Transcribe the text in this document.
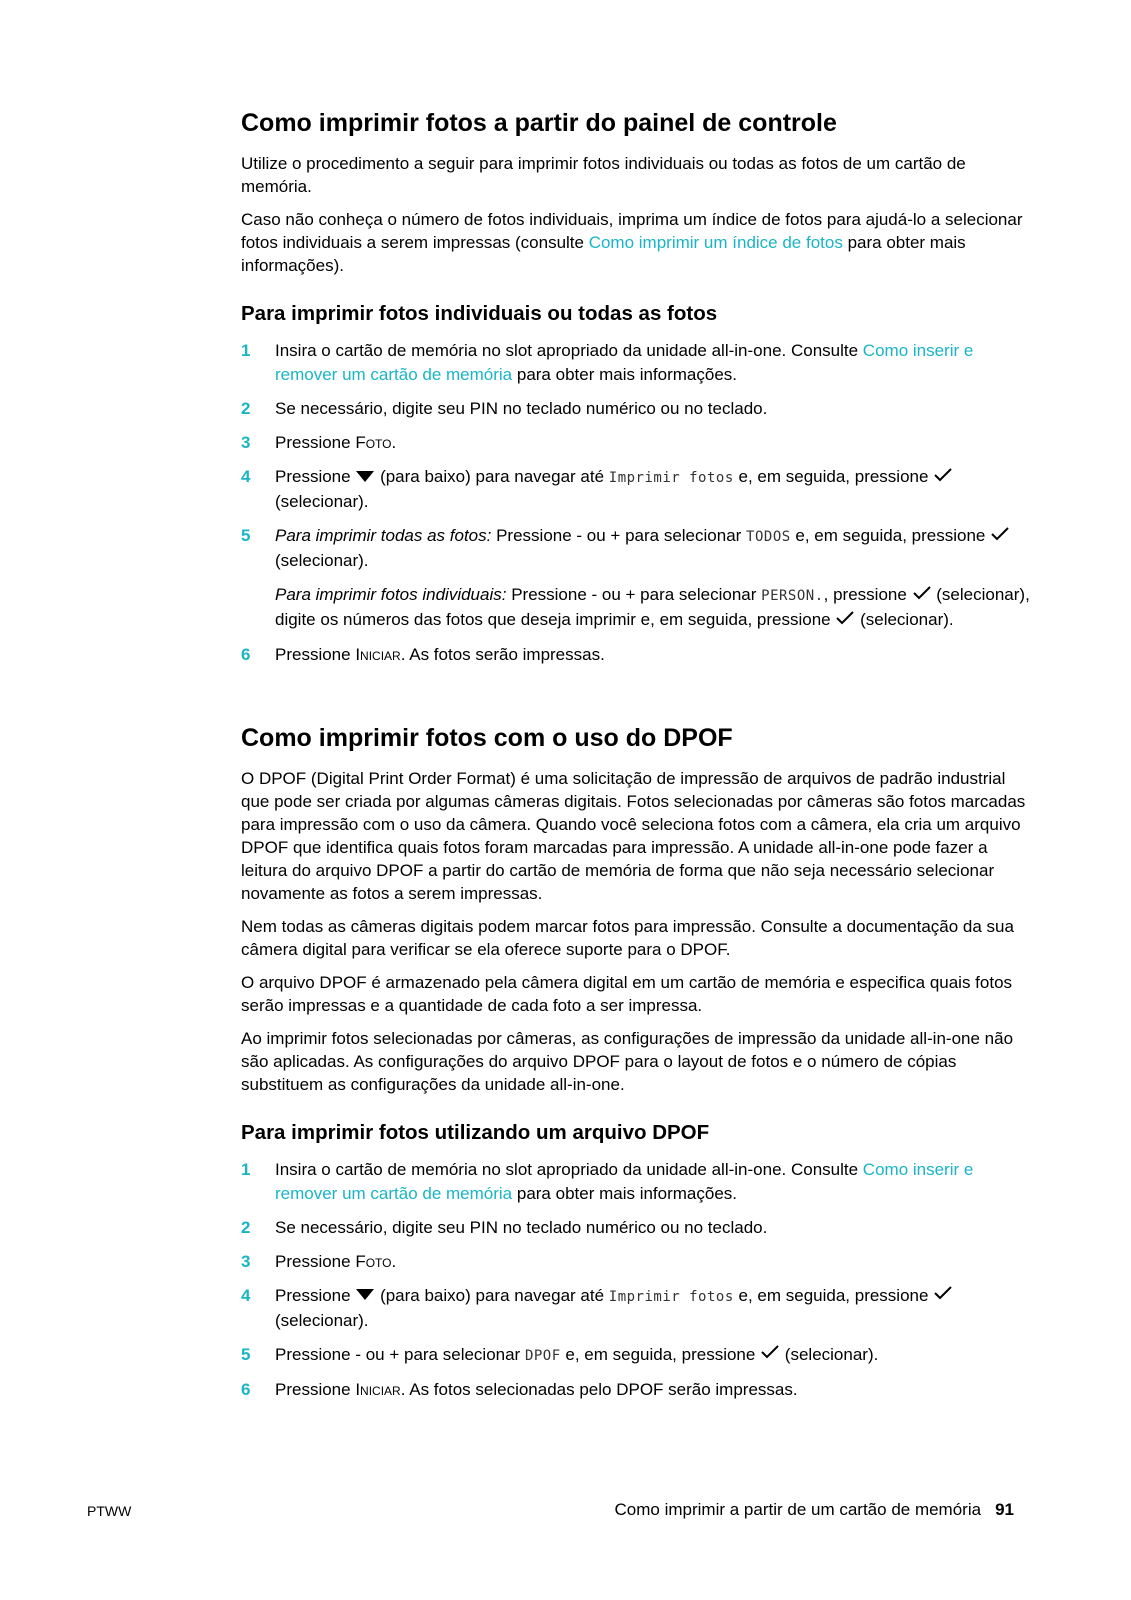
Como imprimir fotos a partir do painel de controle

Utilize o procedimento a seguir para imprimir fotos individuais ou todas as fotos de um cartão de memória.

Caso não conheça o número de fotos individuais, imprima um índice de fotos para ajudá-lo a selecionar fotos individuais a serem impressas (consulte Como imprimir um índice de fotos para obter mais informações).

Para imprimir fotos individuais ou todas as fotos
1 Insira o cartão de memória no slot apropriado da unidade all-in-one. Consulte Como inserir e remover um cartão de memória para obter mais informações.
2 Se necessário, digite seu PIN no teclado numérico ou no teclado.
3 Pressione Foto.
4 Pressione  (para baixo) para navegar até Imprimir fotos e, em seguida, pressione  (selecionar).
5 Para imprimir todas as fotos: Pressione - ou + para selecionar TODOS e, em seguida, pressione  (selecionar).
Para imprimir fotos individuais: Pressione - ou + para selecionar PERSON., pressione  (selecionar), digite os números das fotos que deseja imprimir e, em seguida, pressione  (selecionar).
6 Pressione Iniciar. As fotos serão impressas.
Como imprimir fotos com o uso do DPOF

O DPOF (Digital Print Order Format) é uma solicitação de impressão de arquivos de padrão industrial que pode ser criada por algumas câmeras digitais. Fotos selecionadas por câmeras são fotos marcadas para impressão com o uso da câmera. Quando você seleciona fotos com a câmera, ela cria um arquivo DPOF que identifica quais fotos foram marcadas para impressão. A unidade all-in-one pode fazer a leitura do arquivo DPOF a partir do cartão de memória de forma que não seja necessário selecionar novamente as fotos a serem impressas.

Nem todas as câmeras digitais podem marcar fotos para impressão. Consulte a documentação da sua câmera digital para verificar se ela oferece suporte para o DPOF.

O arquivo DPOF é armazenado pela câmera digital em um cartão de memória e especifica quais fotos serão impressas e a quantidade de cada foto a ser impressa.

Ao imprimir fotos selecionadas por câmeras, as configurações de impressão da unidade all-in-one não são aplicadas. As configurações do arquivo DPOF para o layout de fotos e o número de cópias substituem as configurações da unidade all-in-one.

Para imprimir fotos utilizando um arquivo DPOF
1 Insira o cartão de memória no slot apropriado da unidade all-in-one. Consulte Como inserir e remover um cartão de memória para obter mais informações.
2 Se necessário, digite seu PIN no teclado numérico ou no teclado.
3 Pressione Foto.
4 Pressione  (para baixo) para navegar até Imprimir fotos e, em seguida, pressione  (selecionar).
5 Pressione - ou + para selecionar DPOF e, em seguida, pressione  (selecionar).
6 Pressione Iniciar. As fotos selecionadas pelo DPOF serão impressas.
PTWW	Como imprimir a partir de um cartão de memória 91
